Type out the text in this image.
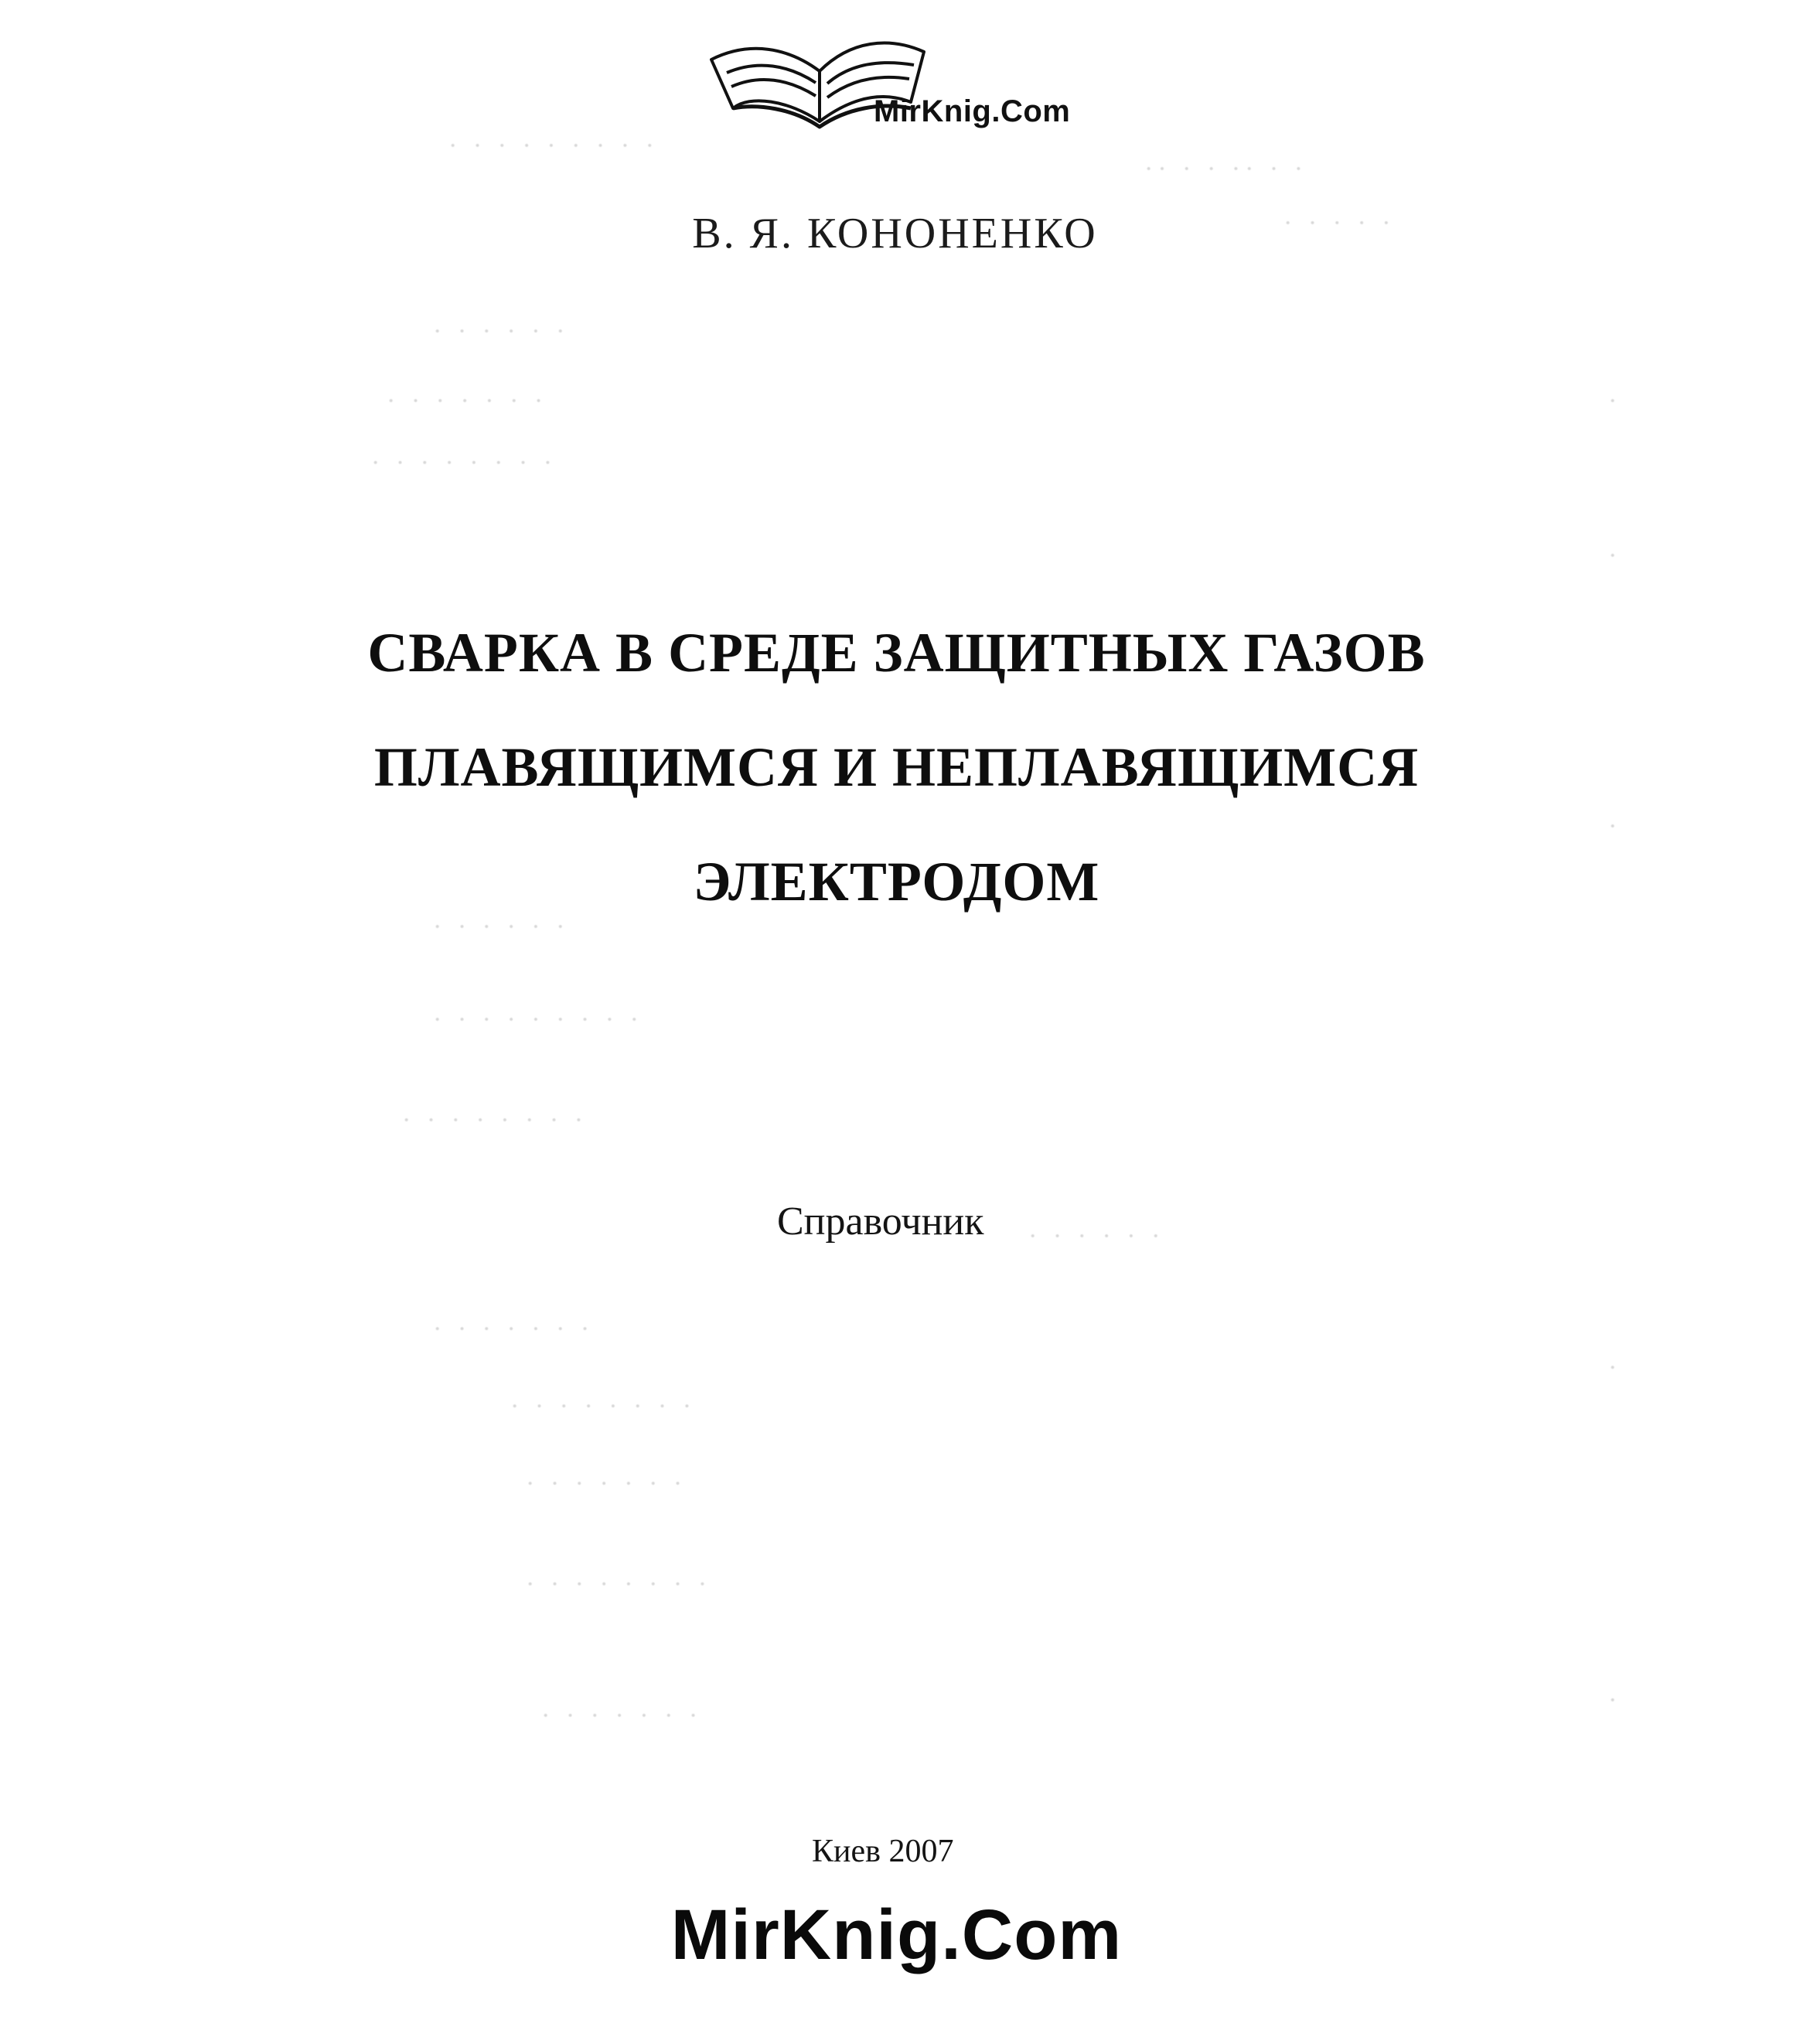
· · · · · · · · ·
·· · · ·· · ·
· · · · ·
· · · · · ·
· · · · · · ·
· · · · · · · ·
· · · · · ·
· · · · · · · · ·
· · · · · · · ·
· · · · · ·
· · · · · · ·
· · · · · · · ·
· · · · · · ·
· · · · · · · ·
· · · · · · ·
·
·
·
·
·
MirKnig.Com
В. Я. КОНОНЕНКО
СВАРКА В СРЕДЕ ЗАЩИТНЫХ ГАЗОВ
ПЛАВЯЩИМСЯ И НЕПЛАВЯЩИМСЯ
ЭЛЕКТРОДОМ
Справочник
Киев 2007
MirKnig.Com
